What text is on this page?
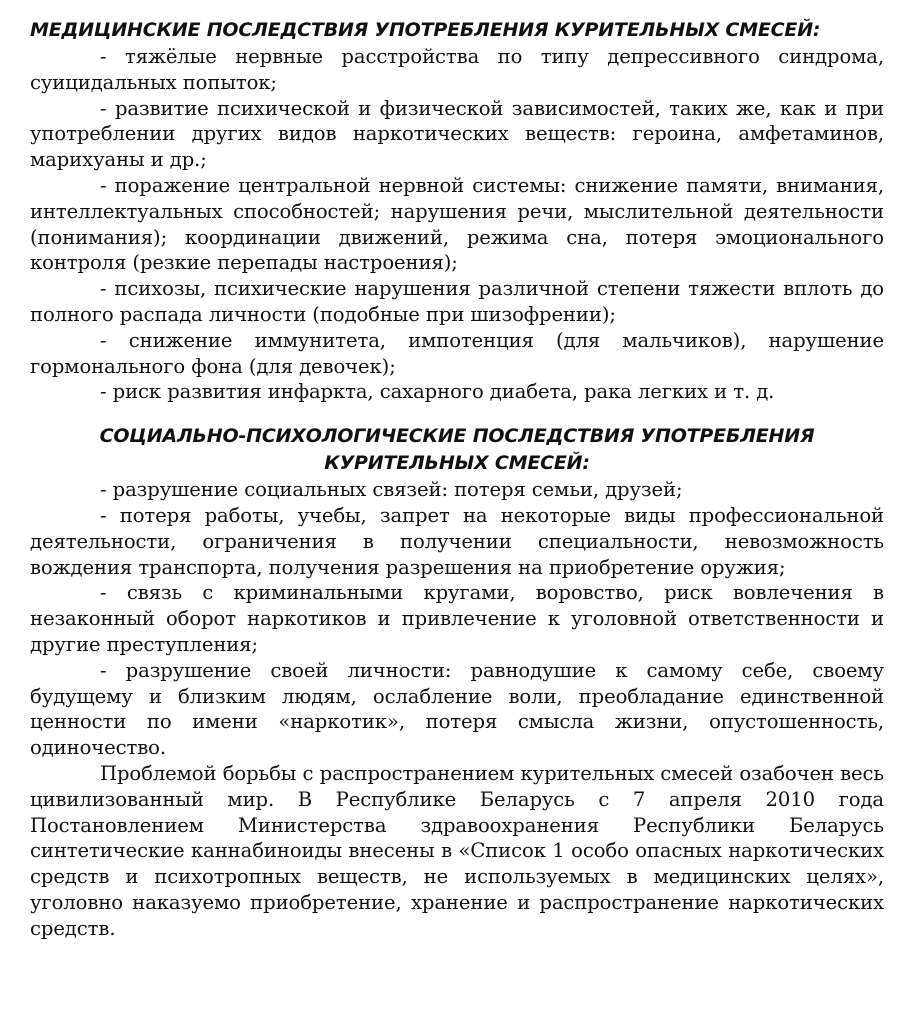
МЕДИЦИНСКИЕ ПОСЛЕДСТВИЯ УПОТРЕБЛЕНИЯ КУРИТЕЛЬНЫХ СМЕСЕЙ:

- тяжёлые нервные расстройства по типу депрессивного синдрома, суицидальных попыток;

- развитие психической и физической зависимостей, таких же, как и при употреблении других видов наркотических веществ: героина, амфетаминов, марихуаны и др.;

- поражение центральной нервной системы: снижение памяти, внимания, интеллектуальных способностей; нарушения речи, мыслительной деятельности (понимания); координации движений, режима сна, потеря эмоционального контроля (резкие перепады настроения);

- психозы, психические нарушения различной степени тяжести вплоть до полного распада личности (подобные при шизофрении);

- снижение иммунитета, импотенция (для мальчиков), нарушение гормонального фона (для девочек);

- риск развития инфаркта, сахарного диабета, рака легких и т. д.

СОЦИАЛЬНО-ПСИХОЛОГИЧЕСКИЕ ПОСЛЕДСТВИЯ УПОТРЕБЛЕНИЯ КУРИТЕЛЬНЫХ СМЕСЕЙ:

- разрушение социальных связей: потеря семьи, друзей;

- потеря работы, учебы, запрет на некоторые виды профессиональной деятельности, ограничения в получении специальности, невозможность вождения транспорта, получения разрешения на приобретение оружия;

- связь с криминальными кругами, воровство, риск вовлечения в незаконный оборот наркотиков и привлечение к уголовной ответственности и другие преступления;

- разрушение своей личности: равнодушие к самому себе, своему будущему и близким людям, ослабление воли, преобладание единственной ценности по имени «наркотик», потеря смысла жизни, опустошенность, одиночество.

Проблемой борьбы с распространением курительных смесей озабочен весь цивилизованный мир. В Республике Беларусь с 7 апреля 2010 года Постановлением Министерства здравоохранения Республики Беларусь синтетические каннабиноиды внесены в «Список 1 особо опасных наркотических средств и психотропных веществ, не используемых в медицинских целях», уголовно наказуемо приобретение, хранение и распространение наркотических средств.
